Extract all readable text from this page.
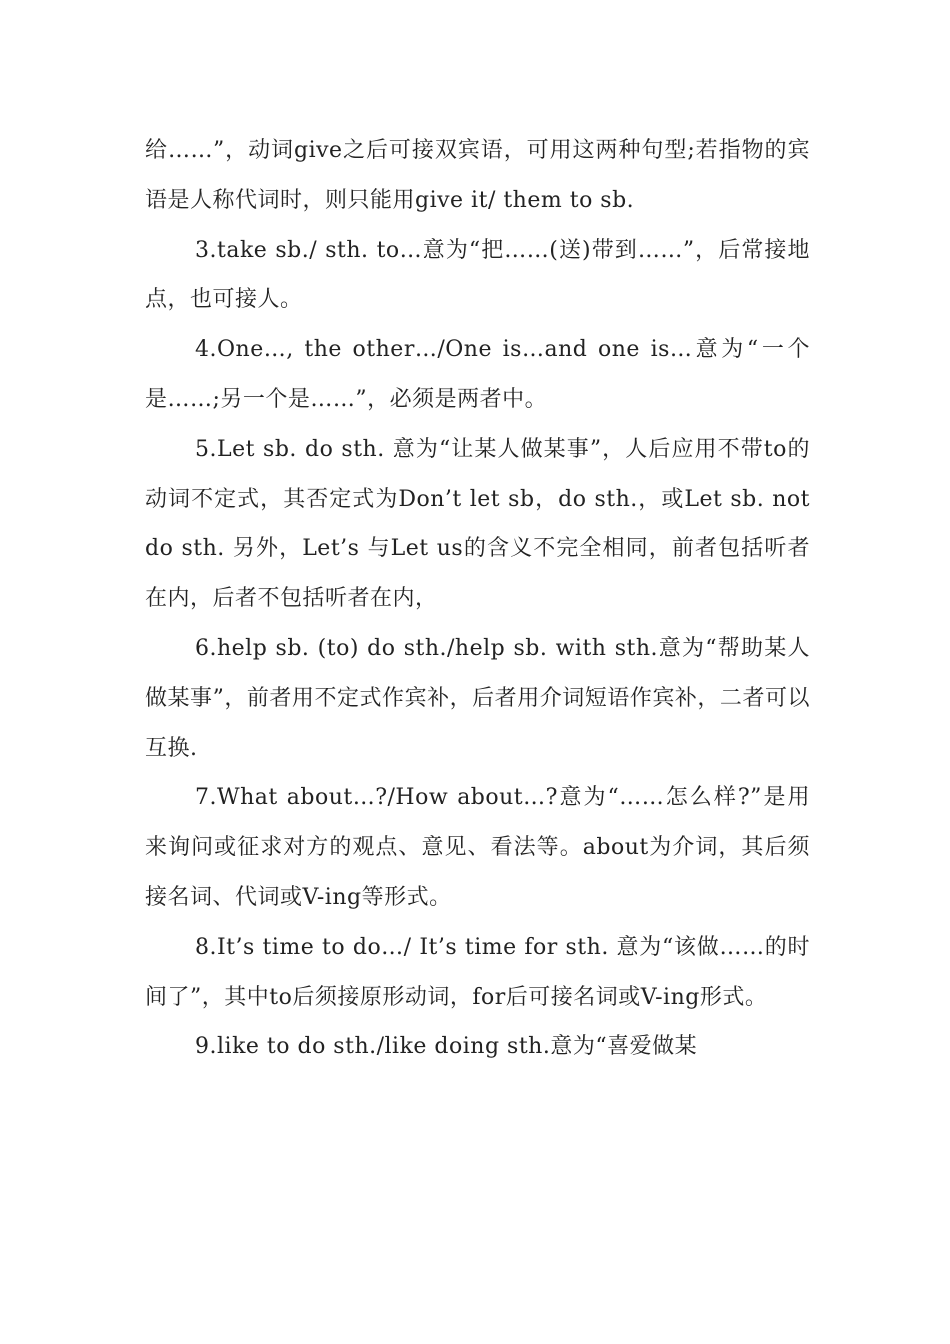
给……”，动词give之后可接双宾语，可用这两种句型;若指物的宾语是人称代词时，则只能用give it/ them to sb.

3.take sb./ sth. to…意为“把……(送)带到……”，后常接地点，也可接人。

4.One…, the other…/One is…and one is…意为“一个是……;另一个是……”，必须是两者中。

5.Let sb. do sth. 意为“让某人做某事”，人后应用不带to的动词不定式，其否定式为Don’t let sb，do sth.，或Let sb. not do sth. 另外，Let’s 与Let us的含义不完全相同，前者包括听者在内，后者不包括听者在内，

6.help sb. (to) do sth./help sb. with sth.意为“帮助某人做某事”，前者用不定式作宾补，后者用介词短语作宾补，二者可以互换.

7.What about…?/How about…?意为“……怎么样?”是用来询问或征求对方的观点、意见、看法等。about为介词，其后须接名词、代词或V-ing等形式。

8.It’s time to do…/ It’s time for sth. 意为“该做……的时间了”，其中to后须接原形动词，for后可接名词或V-ing形式。

9.like to do sth./like doing sth.意为“喜爱做某
